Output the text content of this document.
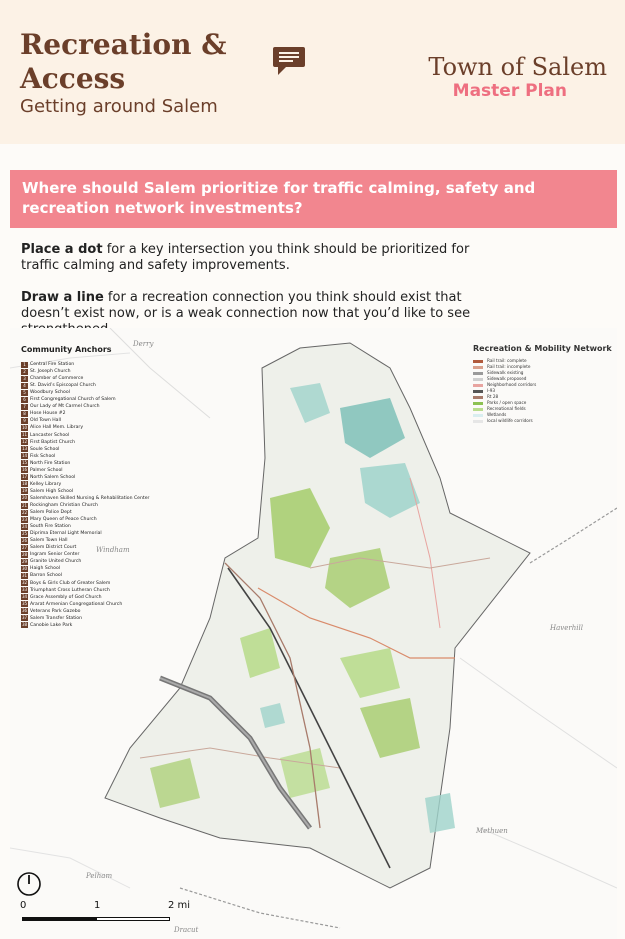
Recreation &
Access
Getting around Salem
Town of Salem
Master Plan
Where should Salem prioritize for traffic calming, safety and recreation network investments?
Place a dot for a key intersection you think should be prioritized for traffic calming and safety improvements.
Draw a line for a recreation connection you think should exist that doesn’t exist now, or is a weak connection now that you’d like to see
Derry
Windham
Haverhill
Methuen
Pelham
Dracut
Community Anchors
1 Central Fire Station
2 St. Joseph Church
3 Chamber of Commerce
4 St. David’s Episcopal Church
5 Woodbury School
6 First Congregational Church of Salem
7 Our Lady of Mt Carmel Church
8 Hose House #2
9 Old Town Hall
10 Alice Hall Mem. Library
11 Lancaster School
12 First Baptist Church
13 Soule School
14 Fisk School
15 North Fire Station
16 Palmer School
17 North Salem School
18 Kelley Library
19 Salem High School
20 Salemhaven Skilled Nursing & Rehabilitation Center
21 Rockingham Christian Church
22 Salem Police Dept
23 Mary Queen of Peace Church
24 South Fire Station
25 Diprima Eternal Light Memorial
26 Salem Town Hall
27 Salem District Court
28 Ingram Senior Center
29 Granite United Church
30 Haigh School
31 Barron School
32 Boys & Girls Club of Greater Salem
33 Triumphant Cross Lutheran Church
34 Grace Assembly of God Church
35 Ararat Armenian Congregational Church
36 Veterans Park Gazebo
37 Salem Transfer Station
38 Canobie Lake Park
Recreation & Mobility Network
Rail trail: complete
Rail trail: incomplete
Sidewalk existing
Sidewalk proposed
Neighborhood corridors
I-93
Rt 28
Parks / open space
Recreational fields
Wetlands
local wildlife corridors
0	1	2 mi
